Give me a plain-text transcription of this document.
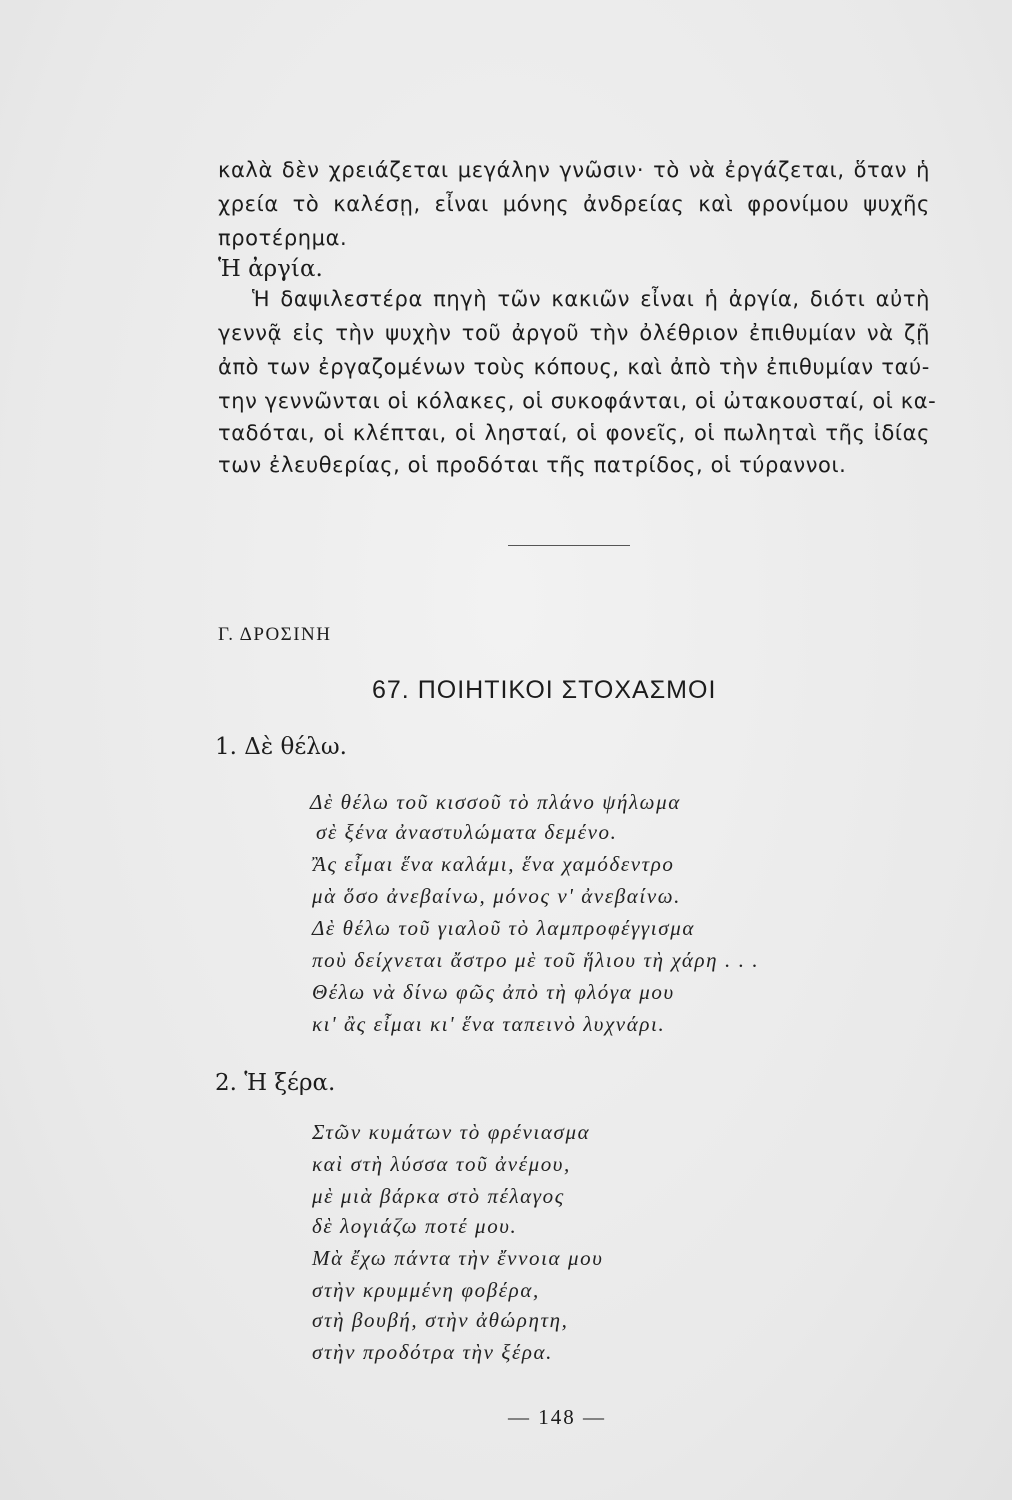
καλὰ δὲν χρειάζεται μεγάλην γνῶσιν· τὸ νὰ ἐργάζεται, ὅταν ἡ
χρεία τὸ καλέσῃ, εἶναι μόνης ἀνδρείας καὶ φρονίμου ψυχῆς
προτέρημα.
Ἡ ἀργία.
Ἡ δαψιλεστέρα πηγὴ τῶν κακιῶν εἶναι ἡ ἀργία, διότι αὐτὴ
γεννᾷ εἰς τὴν ψυχὴν τοῦ ἀργοῦ τὴν ὀλέθριον ἐπιθυμίαν νὰ ζῇ
ἀπὸ των ἐργαζομένων τοὺς κόπους, καὶ ἀπὸ τὴν ἐπιθυμίαν ταύ-
την γεννῶνται οἱ κόλακες, οἱ συκοφάνται, οἱ ὠτακουσταί, οἱ κα-
ταδόται, οἱ κλέπται, οἱ λησταί, οἱ φονεῖς, οἱ πωληταὶ τῆς ἰδίας
των ἐλευθερίας, οἱ προδόται τῆς πατρίδος, οἱ τύραννοι.
Γ. ΔΡΟΣΙΝΗ
67. ΠΟΙΗΤΙΚΟΙ ΣΤΟΧΑΣΜΟΙ
1. Δὲ θέλω.
Δὲ θέλω τοῦ κισσοῦ τὸ πλάνο ψήλωμα
σὲ ξένα ἀναστυλώματα δεμένο.
Ἂς εἶμαι ἕνα καλάμι, ἕνα χαμόδεντρο
μὰ ὅσο ἀνεβαίνω, μόνος ν' ἀνεβαίνω.
Δὲ θέλω τοῦ γιαλοῦ τὸ λαμπροφέγγισμα
ποὺ δείχνεται ἄστρο μὲ τοῦ ἥλιου τὴ χάρη . . .
Θέλω νὰ δίνω φῶς ἀπὸ τὴ φλόγα μου
κι' ἂς εἶμαι κι' ἕνα ταπεινὸ λυχνάρι.
2. Ἡ ξέρα.
Στῶν κυμάτων τὸ φρένιασμα
καὶ στὴ λύσσα τοῦ ἀνέμου,
μὲ μιὰ βάρκα στὸ πέλαγος
δὲ λογιάζω ποτέ μου.
Μὰ ἔχω πάντα τὴν ἔννοια μου
στὴν κρυμμένη φοβέρα,
στὴ βουβή, στὴν ἀθώρητη,
στὴν προδότρα τὴν ξέρα.
— 148 —
